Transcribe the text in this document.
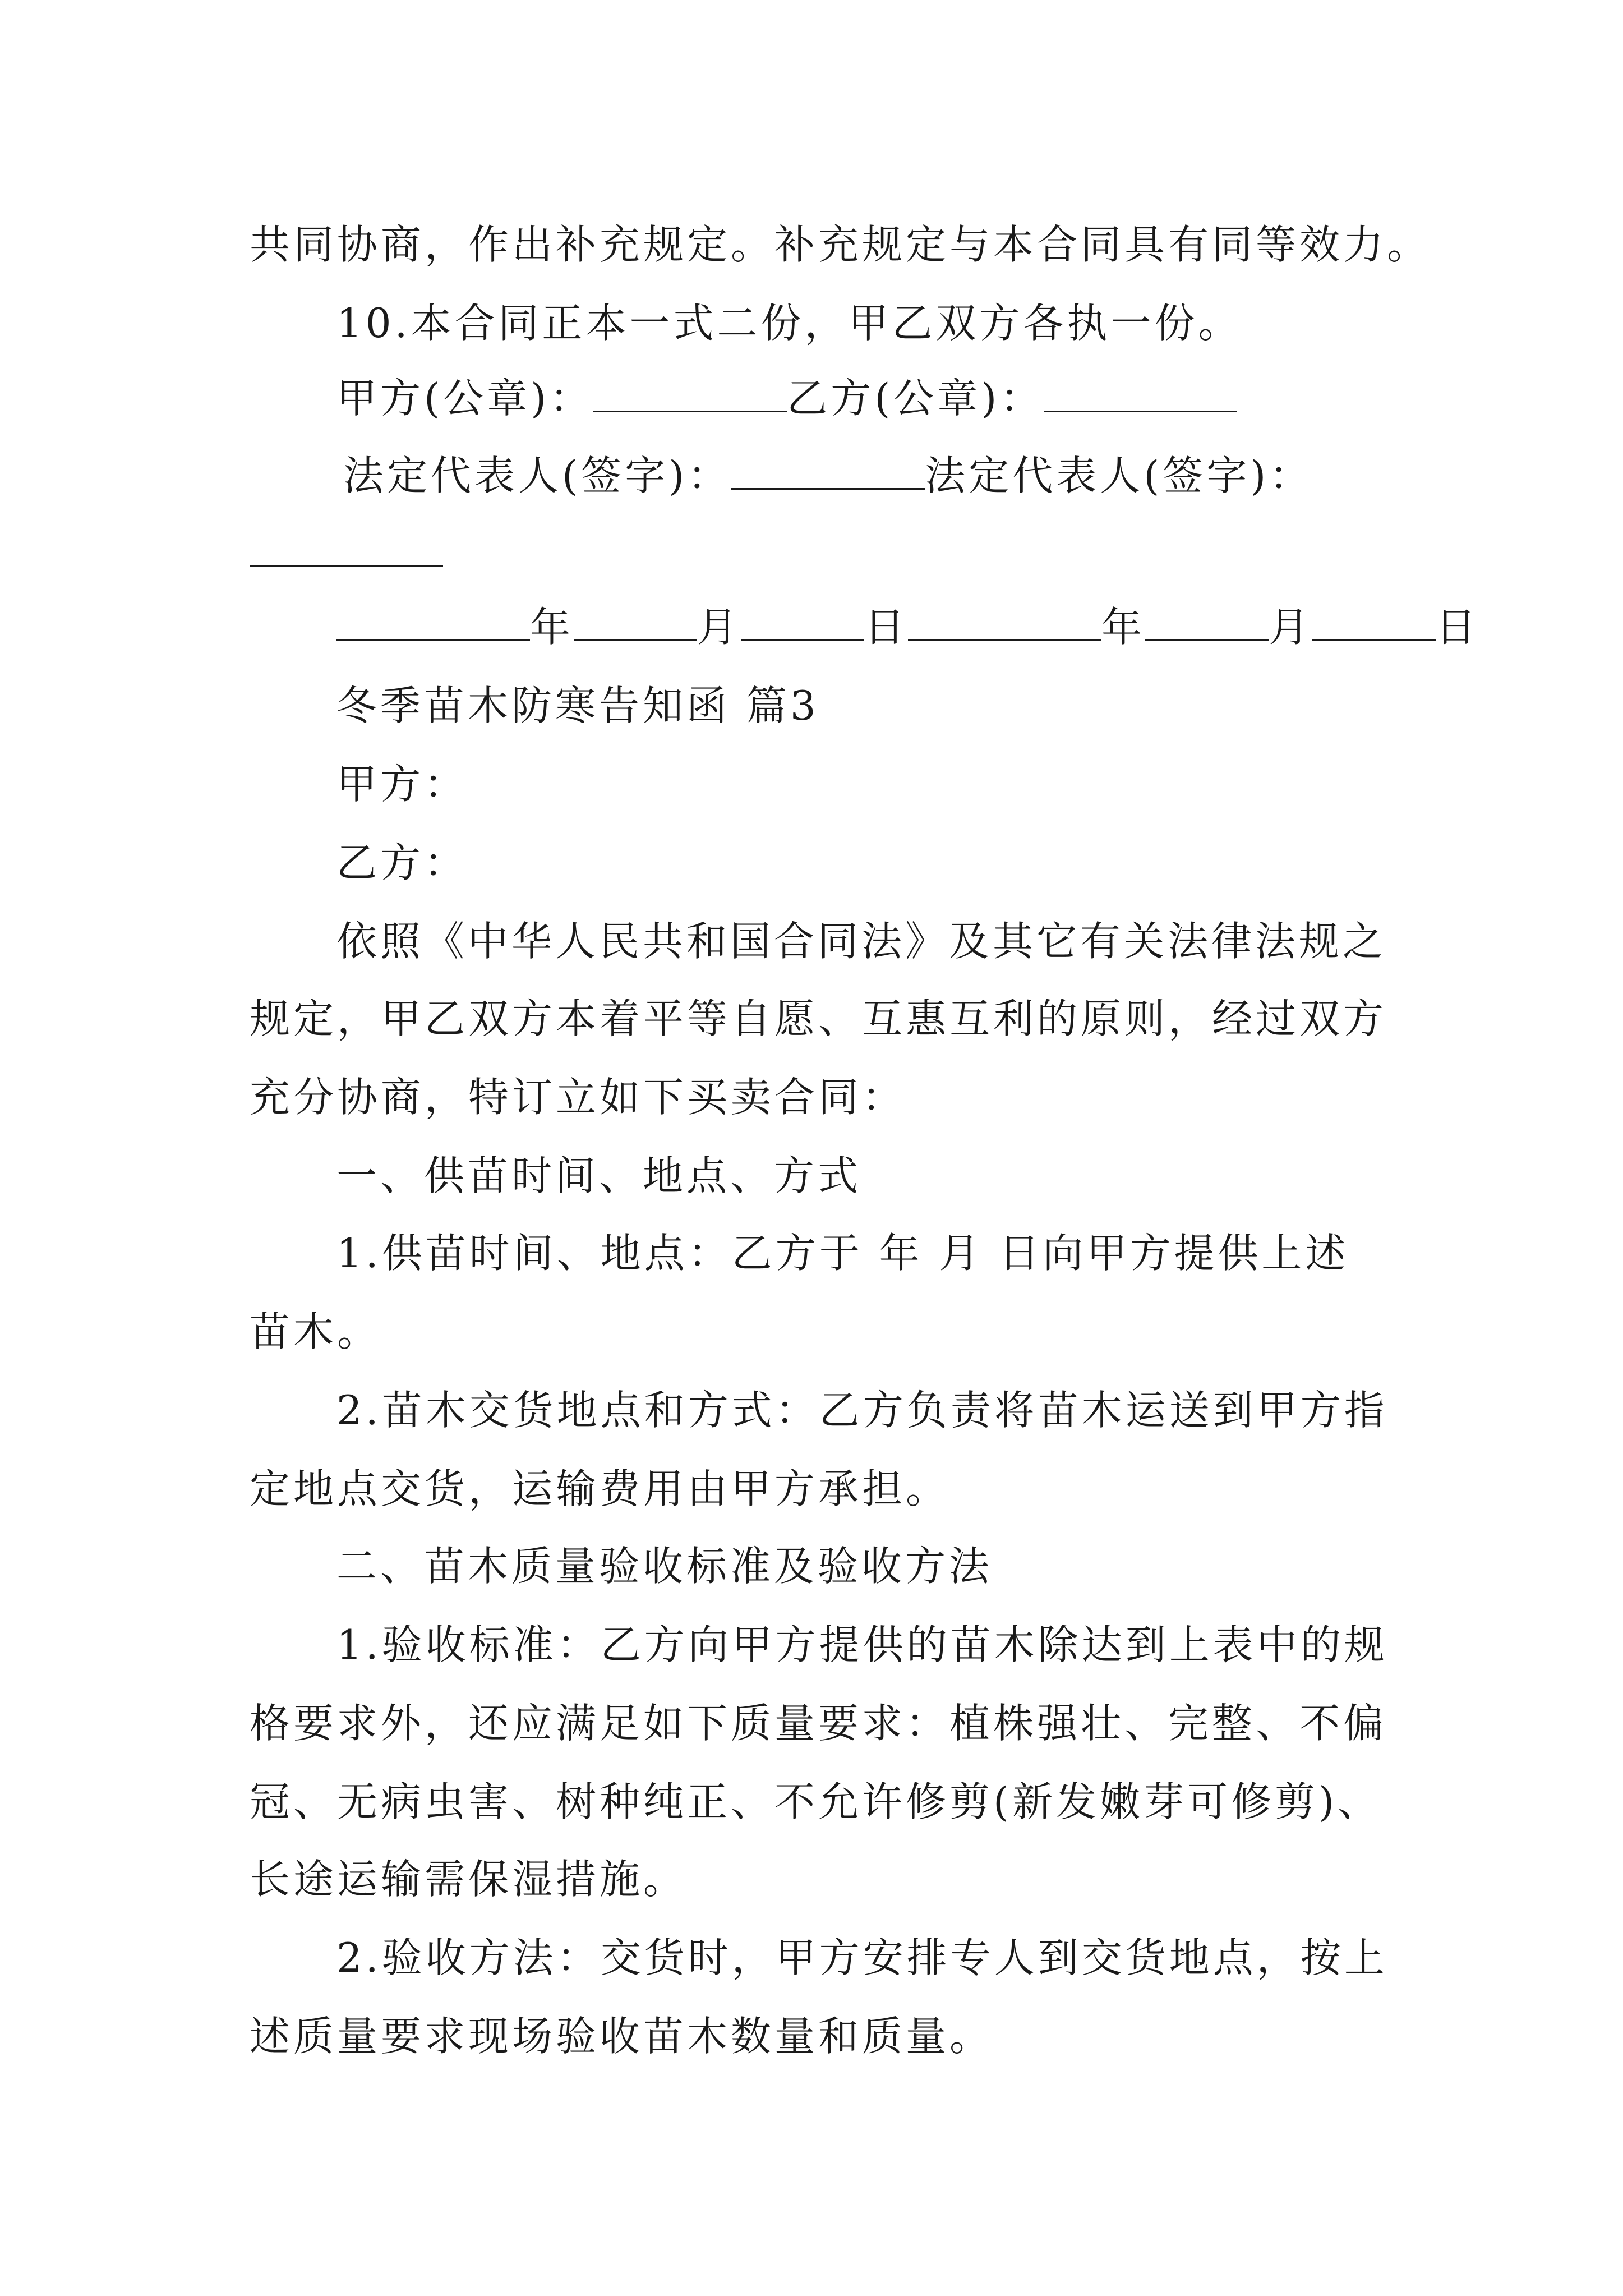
共同协商，作出补充规定。补充规定与本合同具有同等效力。
10.本合同正本一式二份，甲乙双方各执一份。
甲方(公章)：	乙方(公章)：
法定代表人(签字)：	法定代表人(签字)：
年	月	日	年	月	日
冬季苗木防寒告知函 篇3
甲方：
乙方：
依照《中华人民共和国合同法》及其它有关法律法规之
规定，甲乙双方本着平等自愿、互惠互利的原则，经过双方
充分协商，特订立如下买卖合同：
一、供苗时间、地点、方式
1.供苗时间、地点：乙方于 年 月 日向甲方提供上述
苗木。
2.苗木交货地点和方式：乙方负责将苗木运送到甲方指
定地点交货，运输费用由甲方承担。
二、苗木质量验收标准及验收方法
1.验收标准：乙方向甲方提供的苗木除达到上表中的规
格要求外，还应满足如下质量要求：植株强壮、完整、不偏
冠、无病虫害、树种纯正、不允许修剪(新发嫩芽可修剪)、
长途运输需保湿措施。
2.验收方法：交货时，甲方安排专人到交货地点，按上
述质量要求现场验收苗木数量和质量。
